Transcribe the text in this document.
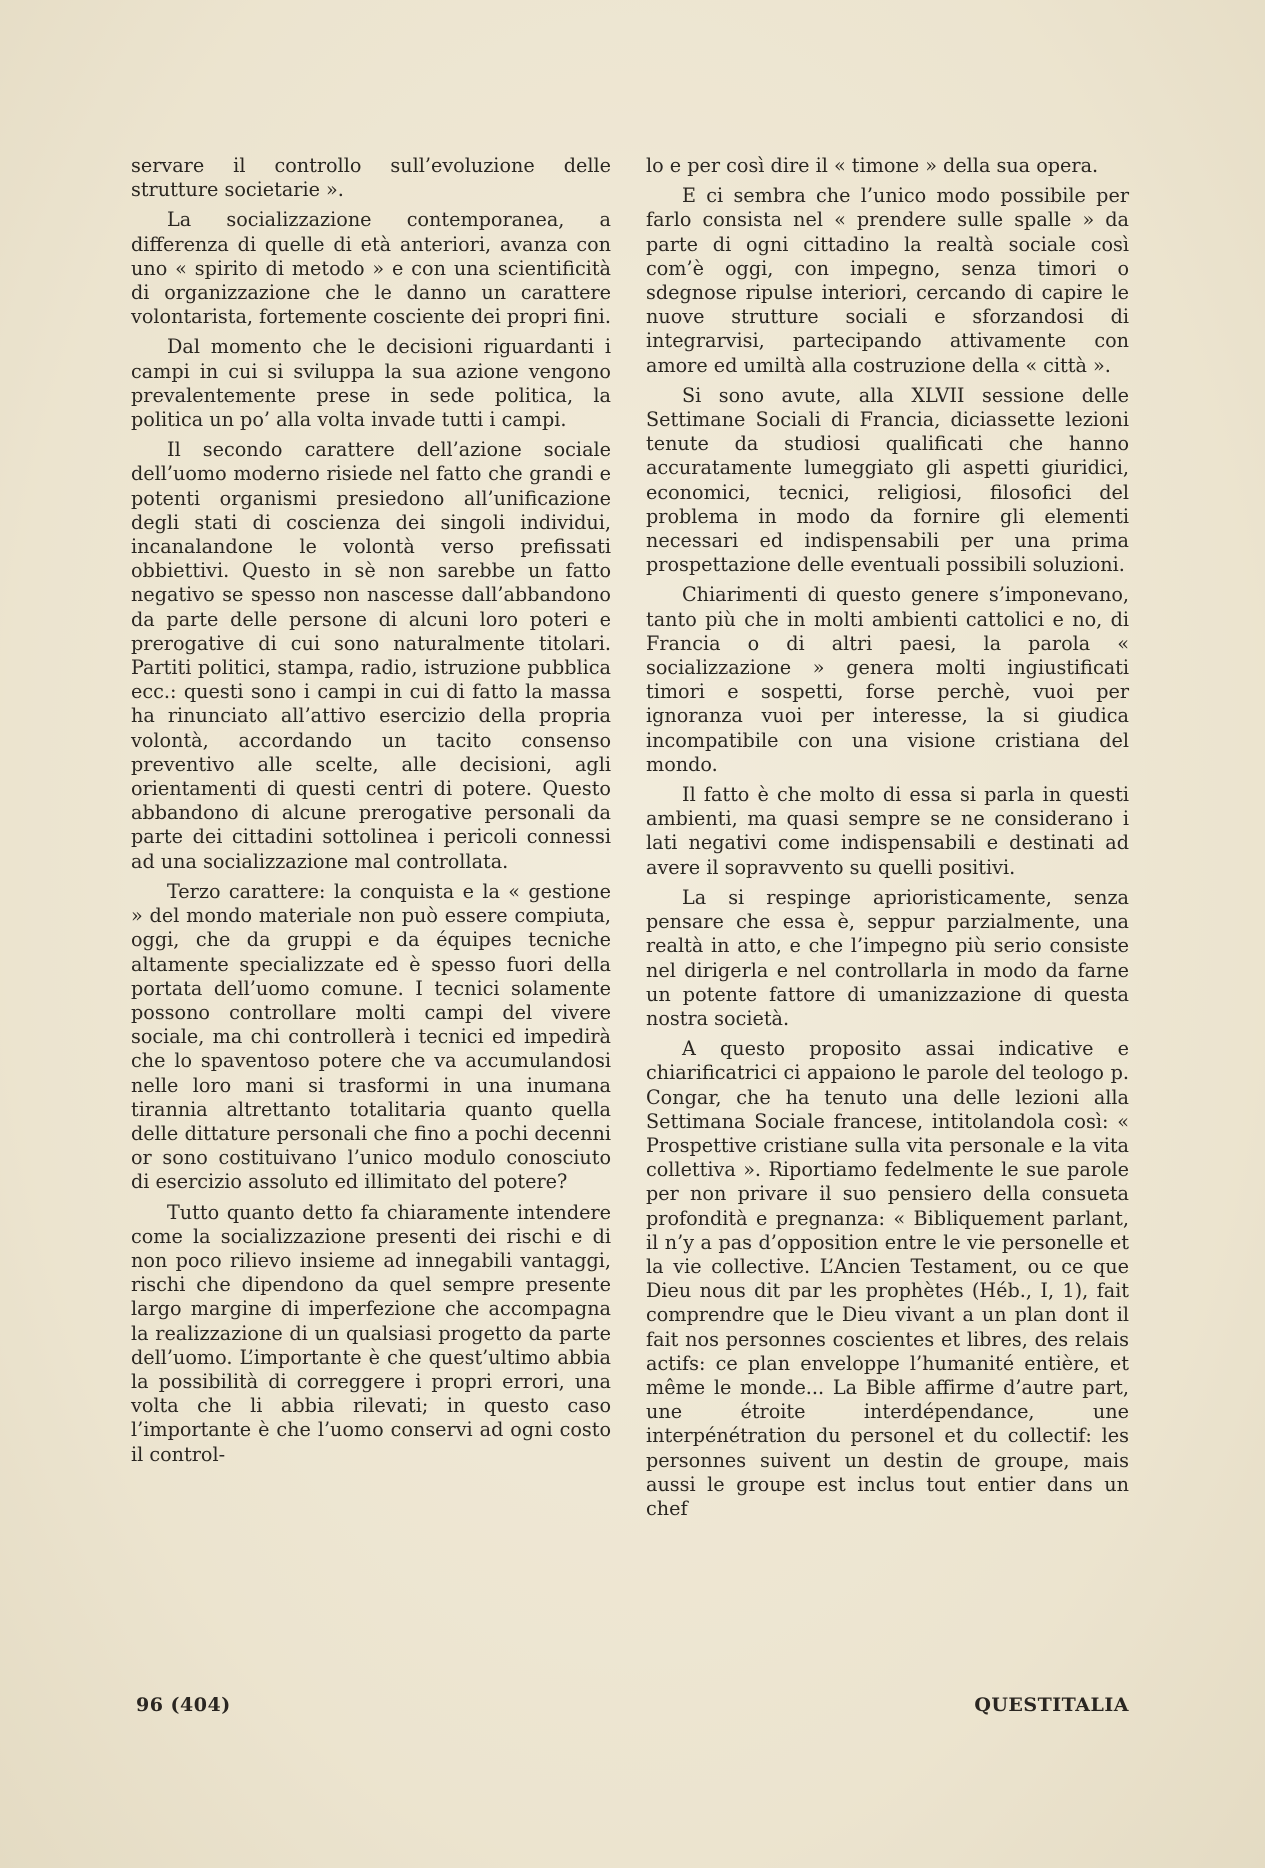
servare il controllo sull’evoluzione delle strutture societarie ».

La socializzazione contemporanea, a differenza di quelle di età anteriori, avanza con uno « spirito di metodo » e con una scientificità di organizzazione che le danno un carattere volontarista, fortemente cosciente dei propri fini.

Dal momento che le decisioni riguardanti i campi in cui si sviluppa la sua azione vengono prevalentemente prese in sede politica, la politica un po’ alla volta invade tutti i campi.

Il secondo carattere dell’azione sociale dell’uomo moderno risiede nel fatto che grandi e potenti organismi presiedono all’unificazione degli stati di coscienza dei singoli individui, incanalandone le volontà verso prefissati obbiettivi. Questo in sè non sarebbe un fatto negativo se spesso non nascesse dall’abbandono da parte delle persone di alcuni loro poteri e prerogative di cui sono naturalmente titolari. Partiti politici, stampa, radio, istruzione pubblica ecc.: questi sono i campi in cui di fatto la massa ha rinunciato all’attivo esercizio della propria volontà, accordando un tacito consenso preventivo alle scelte, alle decisioni, agli orientamenti di questi centri di potere. Questo abbandono di alcune prerogative personali da parte dei cittadini sottolinea i pericoli connessi ad una socializzazione mal controllata.

Terzo carattere: la conquista e la « gestione » del mondo materiale non può essere compiuta, oggi, che da gruppi e da équipes tecniche altamente specializzate ed è spesso fuori della portata dell’uomo comune. I tecnici solamente possono controllare molti campi del vivere sociale, ma chi controllerà i tecnici ed impedirà che lo spaventoso potere che va accumulandosi nelle loro mani si trasformi in una inumana tirannia altrettanto totalitaria quanto quella delle dittature personali che fino a pochi decenni or sono costituivano l’unico modulo conosciuto di esercizio assoluto ed illimitato del potere?

Tutto quanto detto fa chiaramente intendere come la socializzazione presenti dei rischi e di non poco rilievo insieme ad innegabili vantaggi, rischi che dipendono da quel sempre presente largo margine di imperfezione che accompagna la realizzazione di un qualsiasi progetto da parte dell’uomo. L’importante è che quest’ultimo abbia la possibilità di correggere i propri errori, una volta che li abbia rilevati; in questo caso l’importante è che l’uomo conservi ad ogni costo il control-

lo e per così dire il « timone » della sua opera.

E ci sembra che l’unico modo possibile per farlo consista nel « prendere sulle spalle » da parte di ogni cittadino la realtà sociale così com’è oggi, con impegno, senza timori o sdegnose ripulse interiori, cercando di capire le nuove strutture sociali e sforzandosi di integrarvisi, partecipando attivamente con amore ed umiltà alla costruzione della « città ».

Si sono avute, alla XLVII sessione delle Settimane Sociali di Francia, diciassette lezioni tenute da studiosi qualificati che hanno accuratamente lumeggiato gli aspetti giuridici, economici, tecnici, religiosi, filosofici del problema in modo da fornire gli elementi necessari ed indispensabili per una prima prospettazione delle eventuali possibili soluzioni.

Chiarimenti di questo genere s’imponevano, tanto più che in molti ambienti cattolici e no, di Francia o di altri paesi, la parola « socializzazione » genera molti ingiustificati timori e sospetti, forse perchè, vuoi per ignoranza vuoi per interesse, la si giudica incompatibile con una visione cristiana del mondo.

Il fatto è che molto di essa si parla in questi ambienti, ma quasi sempre se ne considerano i lati negativi come indispensabili e destinati ad avere il sopravvento su quelli positivi.

La si respinge aprioristicamente, senza pensare che essa è, seppur parzialmente, una realtà in atto, e che l’impegno più serio consiste nel dirigerla e nel controllarla in modo da farne un potente fattore di umanizzazione di questa nostra società.

A questo proposito assai indicative e chiarificatrici ci appaiono le parole del teologo p. Congar, che ha tenuto una delle lezioni alla Settimana Sociale francese, intitolandola così: « Prospettive cristiane sulla vita personale e la vita collettiva ». Riportiamo fedelmente le sue parole per non privare il suo pensiero della consueta profondità e pregnanza: « Bibliquement parlant, il n’y a pas d’opposition entre le vie personelle et la vie collective. L’Ancien Testament, ou ce que Dieu nous dit par les prophètes (Héb., I, 1), fait comprendre que le Dieu vivant a un plan dont il fait nos personnes coscientes et libres, des relais actifs: ce plan enveloppe l’humanité entière, et même le monde... La Bible affirme d’autre part, une étroite interdépendance, une interpénétration du personel et du collectif: les personnes suivent un destin de groupe, mais aussi le groupe est inclus tout entier dans un chef

96 (404)	QUESTITALIA
